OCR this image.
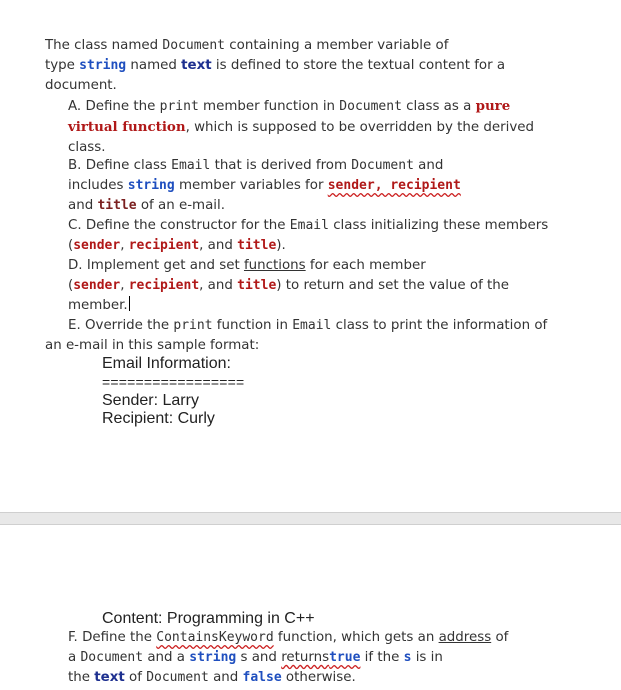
The class named Document containing a member variable of
type string named text is defined to store the textual content for a
document.
A. Define the print member function in Document class as a pure
virtual function, which is supposed to be overridden by the derived
class.
B. Define class Email that is derived from Document and
includes string member variables for sender, recipient
and title of an e-mail.
C. Define the constructor for the Email class initializing these members
(sender, recipient, and title).
D. Implement get and set functions for each member
(sender, recipient, and title) to return and set the value of the
member.
E. Override the print function in Email class to print the information of
an e-mail in this sample format:
Email Information:
=================
Sender: Larry
Recipient: Curly
Content: Programming in C++
F. Define the ContainsKeyword function, which gets an address of
a Document and a string s and returnstrue if the s is in
the text of Document and false otherwise.
